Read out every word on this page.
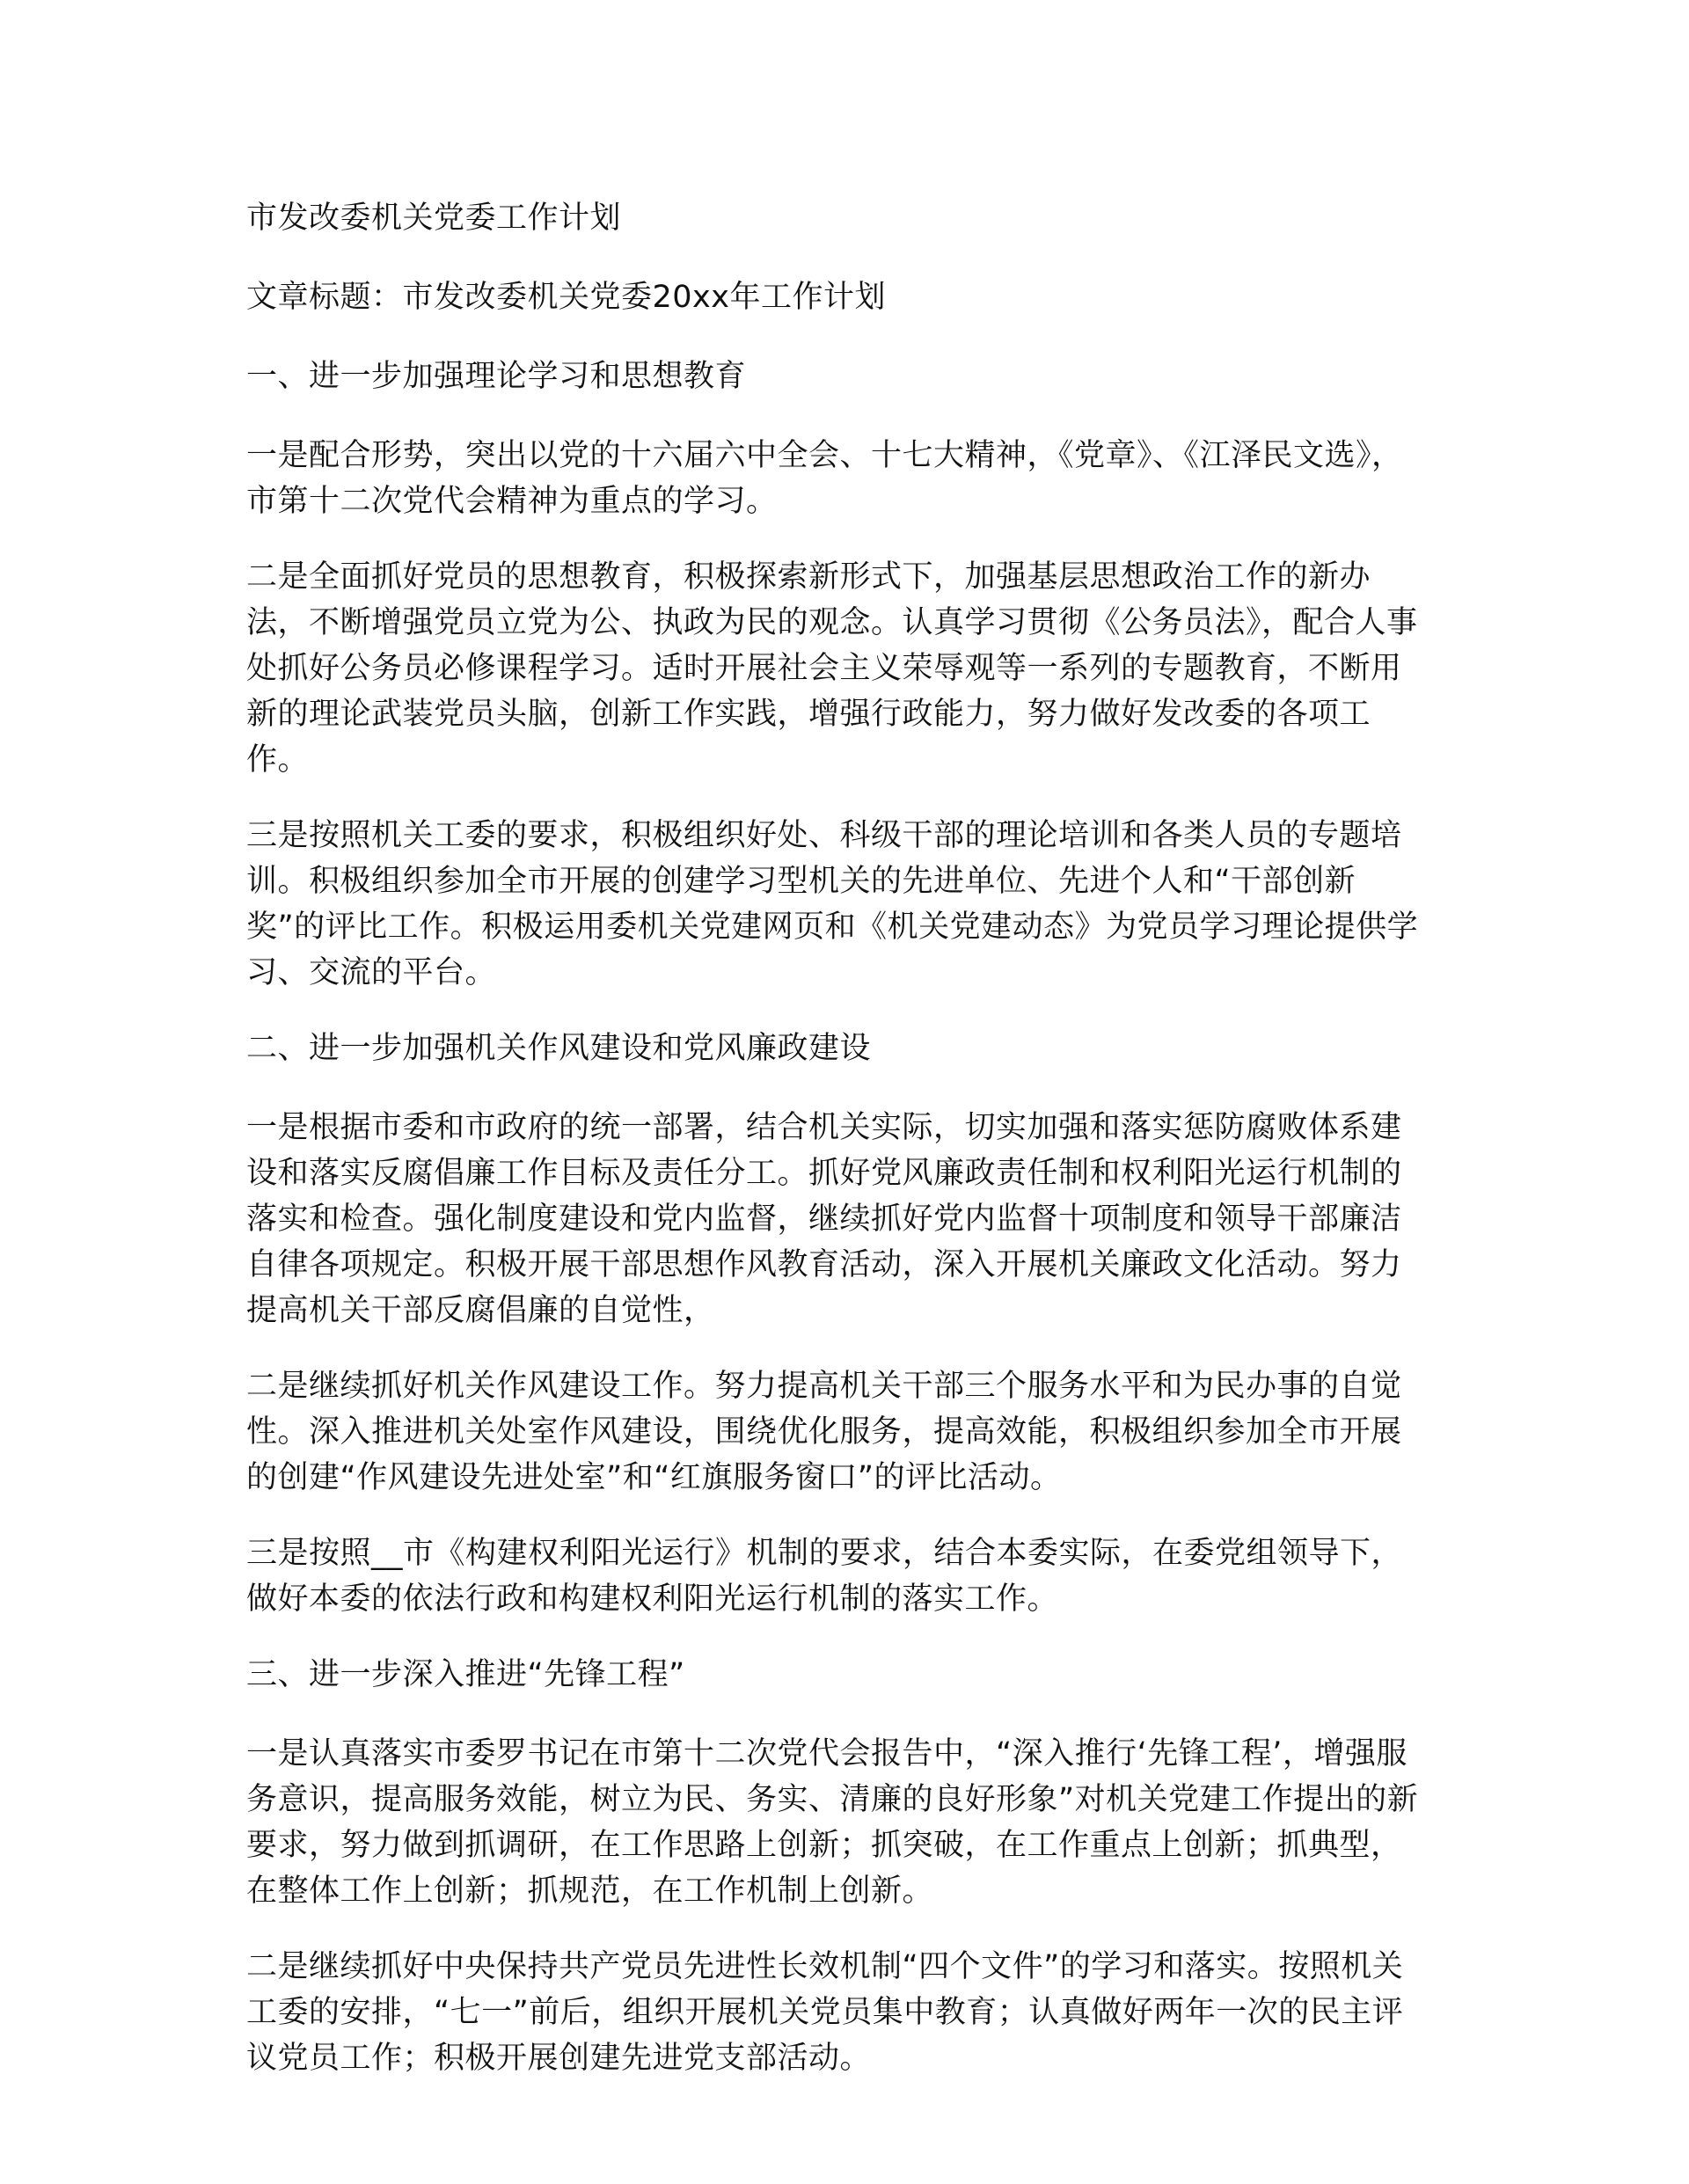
市发改委机关党委工作计划

文章标题：市发改委机关党委20xx年工作计划

一、进一步加强理论学习和思想教育

一是配合形势，突出以党的十六届六中全会、十七大精神，《党章》、《江泽民文选》，市第十二次党代会精神为重点的学习。

二是全面抓好党员的思想教育，积极探索新形式下，加强基层思想政治工作的新办法，不断增强党员立党为公、执政为民的观念。认真学习贯彻《公务员法》，配合人事处抓好公务员必修课程学习。适时开展社会主义荣辱观等一系列的专题教育，不断用新的理论武装党员头脑，创新工作实践，增强行政能力，努力做好发改委的各项工作。

三是按照机关工委的要求，积极组织好处、科级干部的理论培训和各类人员的专题培训。积极组织参加全市开展的创建学习型机关的先进单位、先进个人和“干部创新奖”的评比工作。积极运用委机关党建网页和《机关党建动态》为党员学习理论提供学习、交流的平台。

二、进一步加强机关作风建设和党风廉政建设

一是根据市委和市政府的统一部署，结合机关实际，切实加强和落实惩防腐败体系建设和落实反腐倡廉工作目标及责任分工。抓好党风廉政责任制和权利阳光运行机制的落实和检查。强化制度建设和党内监督，继续抓好党内监督十项制度和领导干部廉洁自律各项规定。积极开展干部思想作风教育活动，深入开展机关廉政文化活动。努力提高机关干部反腐倡廉的自觉性，

二是继续抓好机关作风建设工作。努力提高机关干部三个服务水平和为民办事的自觉性。深入推进机关处室作风建设，围绕优化服务，提高效能，积极组织参加全市开展的创建“作风建设先进处室”和“红旗服务窗口”的评比活动。

三是按照__市《构建权利阳光运行》机制的要求，结合本委实际，在委党组领导下，做好本委的依法行政和构建权利阳光运行机制的落实工作。

三、进一步深入推进“先锋工程”

一是认真落实市委罗书记在市第十二次党代会报告中，“深入推行‘先锋工程’，增强服务意识，提高服务效能，树立为民、务实、清廉的良好形象”对机关党建工作提出的新要求，努力做到抓调研，在工作思路上创新；抓突破，在工作重点上创新；抓典型，在整体工作上创新；抓规范，在工作机制上创新。

二是继续抓好中央保持共产党员先进性长效机制“四个文件”的学习和落实。按照机关工委的安排，“七一”前后，组织开展机关党员集中教育；认真做好两年一次的民主评议党员工作；积极开展创建先进党支部活动。
